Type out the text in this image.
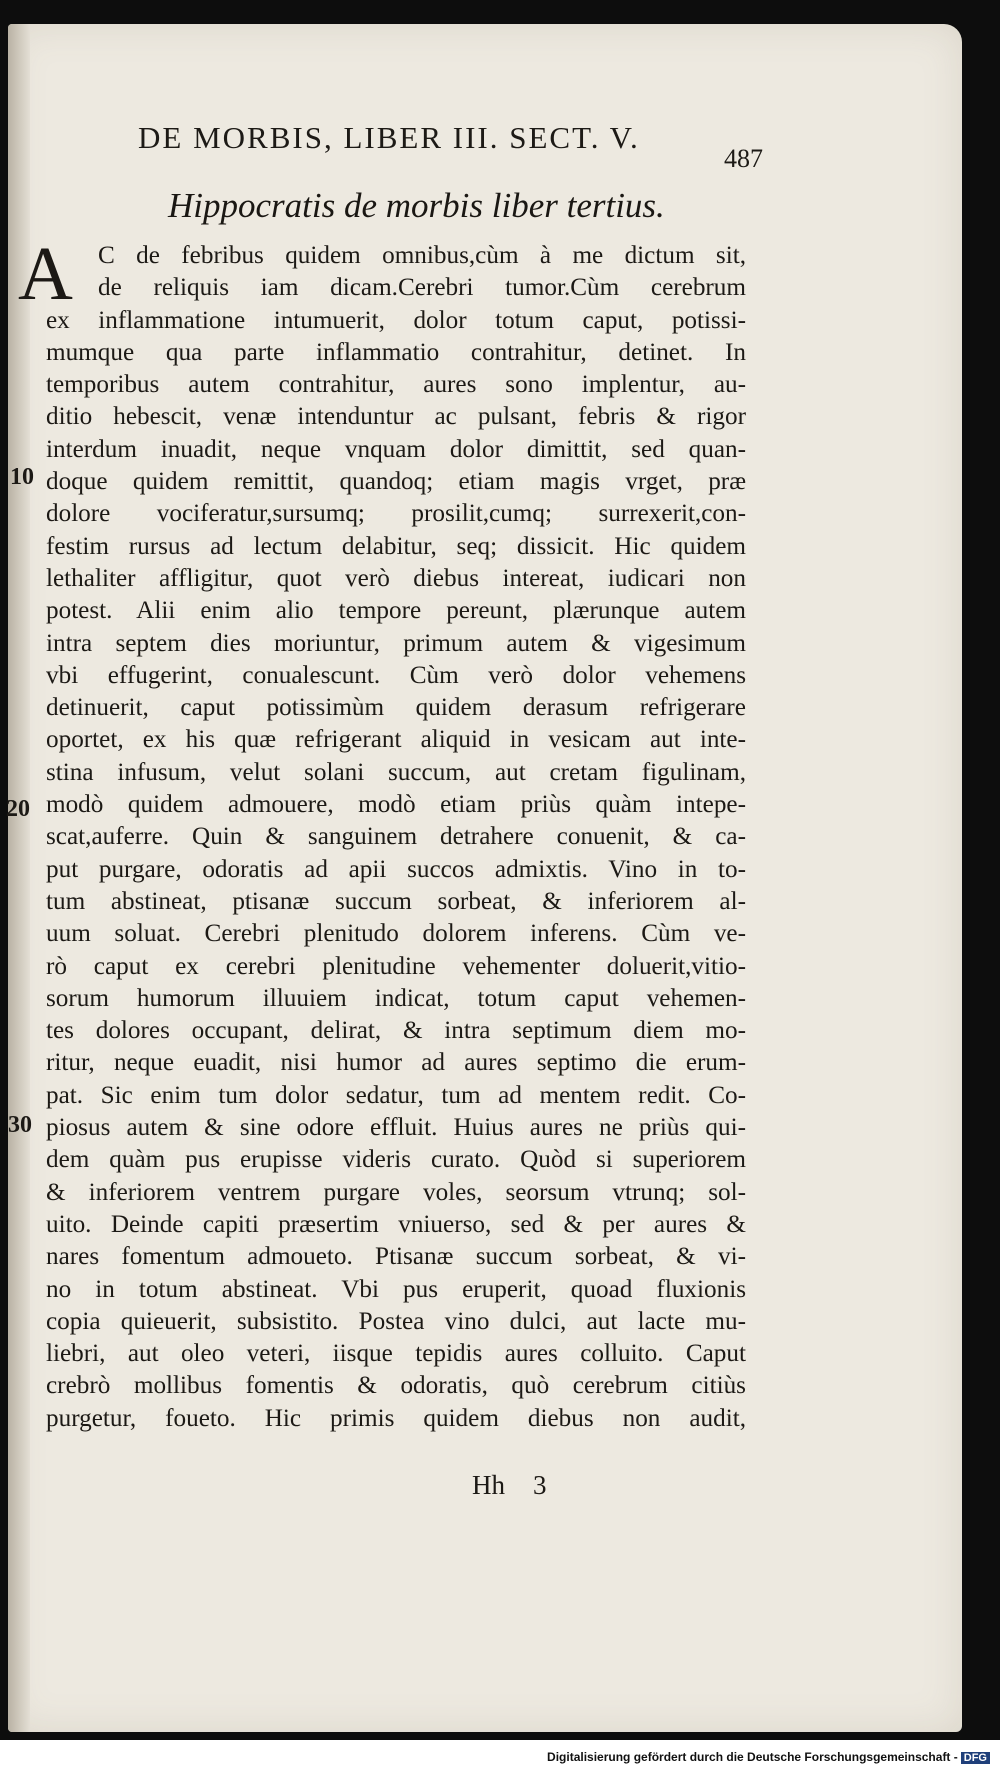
DE MORBIS, LIBER III. SECT. V.
487
Hippocratis de morbis liber tertius.
A C de febribus quidem omnibus,cùm à me dictum sit,
de reliquis iam dicam.Cerebri tumor.Cùm cerebrum
ex inflammatione intumuerit, dolor totum caput, potissi-
mumque qua parte inflammatio contrahitur, detinet. In
temporibus autem contrahitur, aures sono implentur, au-
ditio hebescit, venæ intenduntur ac pulsant, febris & rigor
interdum inuadit, neque vnquam dolor dimittit, sed quan-
doque quidem remittit, quandoq; etiam magis vrget, præ
dolore vociferatur,sursumq; prosilit,cumq; surrexerit,con-
festim rursus ad lectum delabitur, seq; dissicit. Hic quidem
lethaliter affligitur, quot verò diebus intereat, iudicari non
potest. Alii enim alio tempore pereunt, plærunque autem
intra septem dies moriuntur, primum autem & vigesimum
vbi effugerint, conualescunt. Cùm verò dolor vehemens
detinuerit, caput potissimùm quidem derasum refrigerare
oportet, ex his quæ refrigerant aliquid in vesicam aut inte-
stina infusum, velut solani succum, aut cretam figulinam,
modò quidem admouere, modò etiam priùs quàm intepe-
scat,auferre. Quin & sanguinem detrahere conuenit, & ca-
put purgare, odoratis ad apii succos admixtis. Vino in to-
tum abstineat, ptisanæ succum sorbeat, & inferiorem al-
uum soluat. Cerebri plenitudo dolorem inferens. Cùm ve-
rò caput ex cerebri plenitudine vehementer doluerit,vitio-
sorum humorum illuuiem indicat, totum caput vehemen-
tes dolores occupant, delirat, & intra septimum diem mo-
ritur, neque euadit, nisi humor ad aures septimo die erum-
pat. Sic enim tum dolor sedatur, tum ad mentem redit. Co-
piosus autem & sine odore effluit. Huius aures ne priùs qui-
dem quàm pus erupisse videris curato. Quòd si superiorem
& inferiorem ventrem purgare voles, seorsum vtrunq; sol-
uito. Deinde capiti præsertim vniuerso, sed & per aures &
nares fomentum admoueto. Ptisanæ succum sorbeat, & vi-
no in totum abstineat. Vbi pus eruperit, quoad fluxionis
copia quieuerit, subsistito. Postea vino dulci, aut lacte mu-
liebri, aut oleo veteri, iisque tepidis aures colluito. Caput
crebrò mollibus fomentis & odoratis, quò cerebrum citiùs
purgetur, foueto. Hic primis quidem diebus non audit,
10
20
30
Hh 3
Digitalisierung gefördert durch die Deutsche Forschungsgemeinschaft - DFG
